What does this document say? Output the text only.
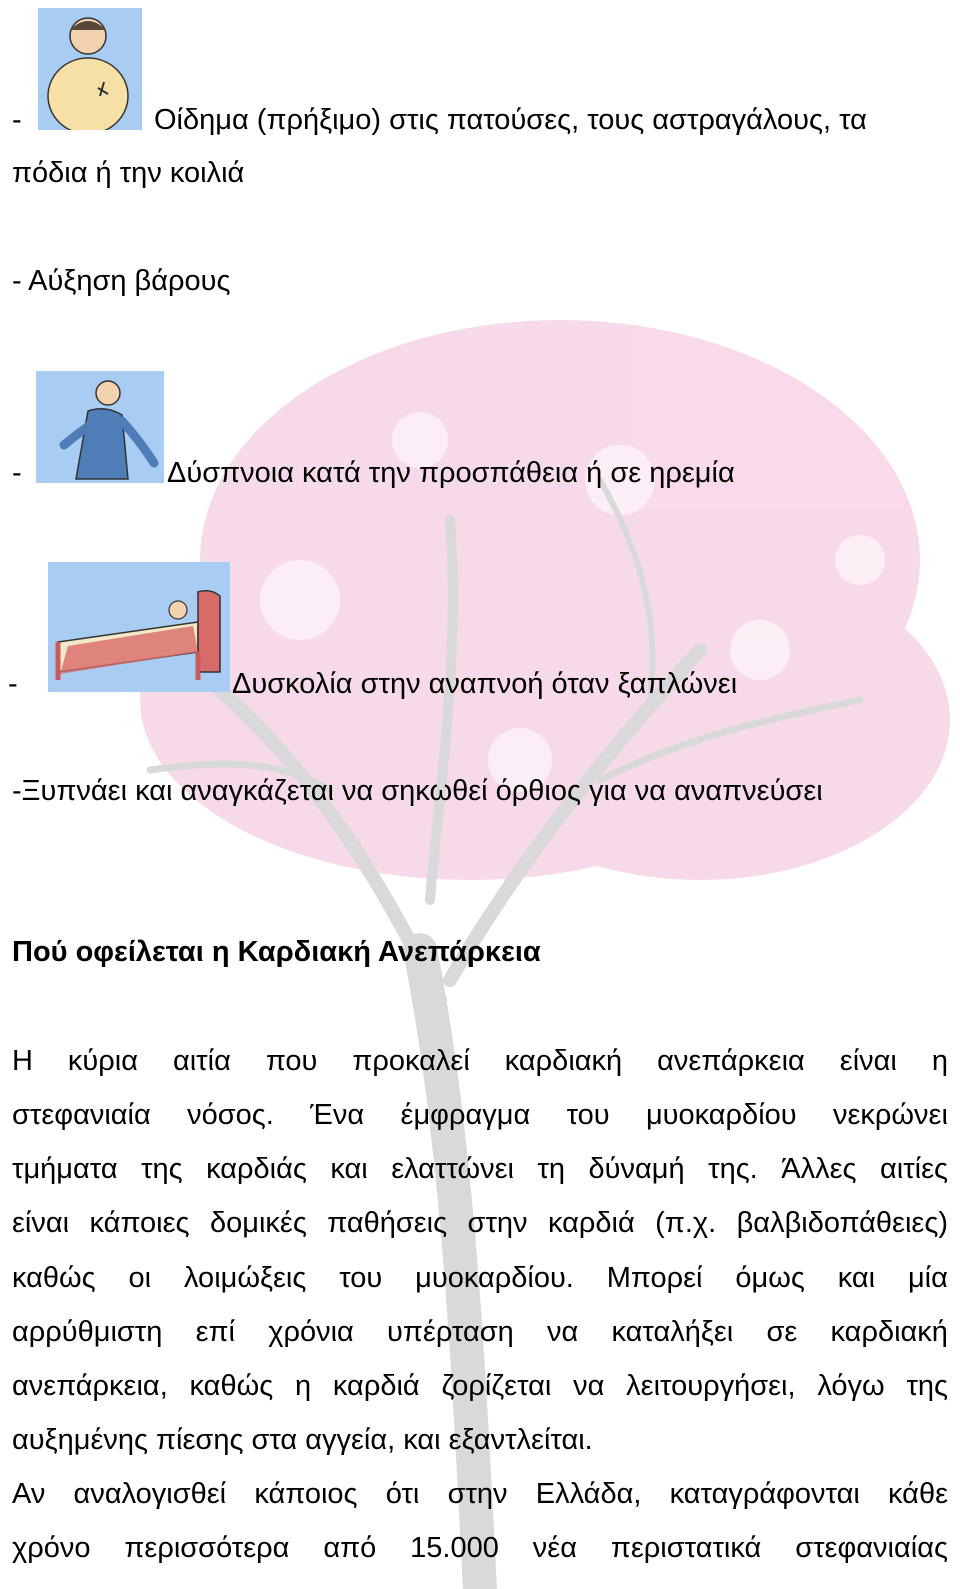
-	Οίδημα (πρήξιμο) στις πατούσες, τους αστραγάλους, τα
πόδια ή την κοιλιά
- Αύξηση βάρους
-	Δύσπνοια κατά την προσπάθεια ή σε ηρεμία
-	Δυσκολία στην αναπνοή όταν ξαπλώνει
-Ξυπνάει και αναγκάζεται να σηκωθεί όρθιος για να αναπνεύσει
Πού οφείλεται η Καρδιακή Ανεπάρκεια
Η κύρια αιτία που προκαλεί καρδιακή ανεπάρκεια είναι η
στεφανιαία νόσος. Ένα έμφραγμα του μυοκαρδίου νεκρώνει
τμήματα της καρδιάς και ελαττώνει τη δύναμή της. Άλλες αιτίες
είναι κάποιες δομικές παθήσεις στην καρδιά (π.χ. βαλβιδοπάθειες)
καθώς οι λοιμώξεις του μυοκαρδίου. Μπορεί όμως και μία
αρρύθμιστη επί χρόνια υπέρταση να καταλήξει σε καρδιακή
ανεπάρκεια, καθώς η καρδιά ζορίζεται να λειτουργήσει, λόγω της
αυξημένης πίεσης στα αγγεία, και εξαντλείται.
Αν αναλογισθεί κάποιος ότι στην Ελλάδα, καταγράφονται κάθε
χρόνο περισσότερα από 15.000 νέα περιστατικά στεφανιαίας
